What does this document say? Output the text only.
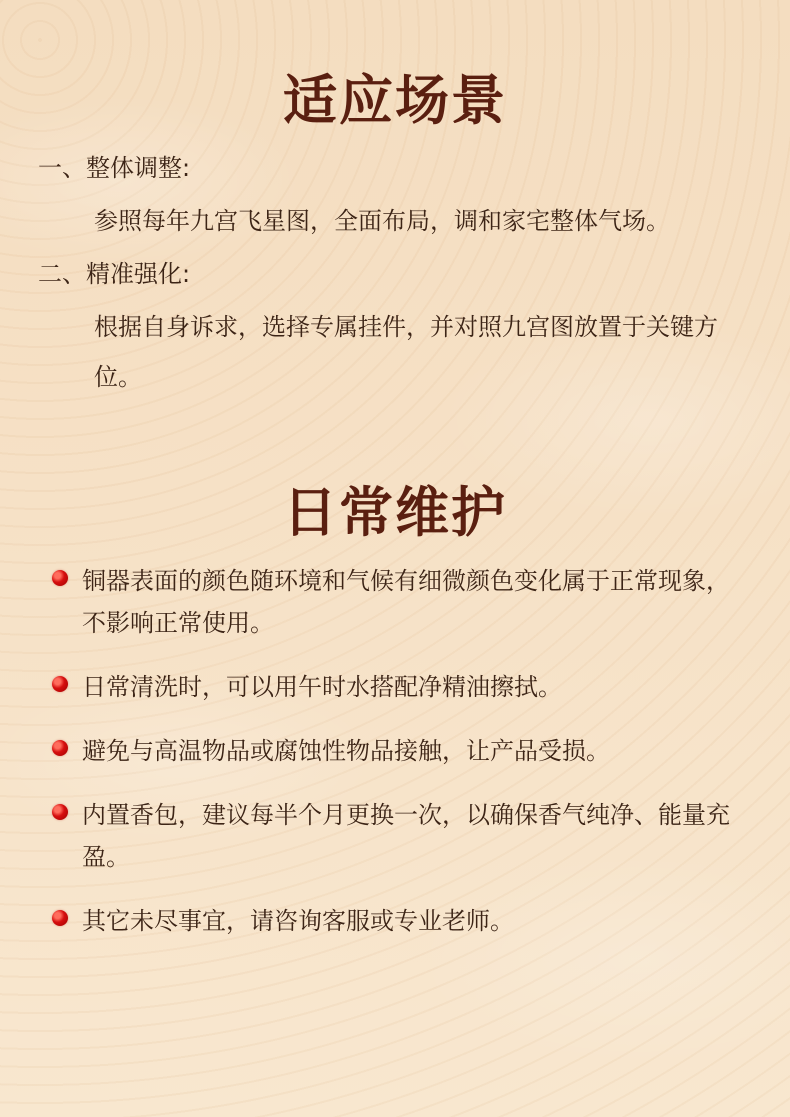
适应场景
一、整体调整:
参照每年九宫飞星图，全面布局，调和家宅整体气场。
二、精准强化:
根据自身诉求，选择专属挂件，并对照九宫图放置于关键方位。
日常维护
铜器表面的颜色随环境和气候有细微颜色变化属于正常现象，不影响正常使用。
日常清洗时，可以用午时水搭配净精油擦拭。
避免与高温物品或腐蚀性物品接触，让产品受损。
内置香包，建议每半个月更换一次，以确保香气纯净、能量充盈。
其它未尽事宜，请咨询客服或专业老师。
